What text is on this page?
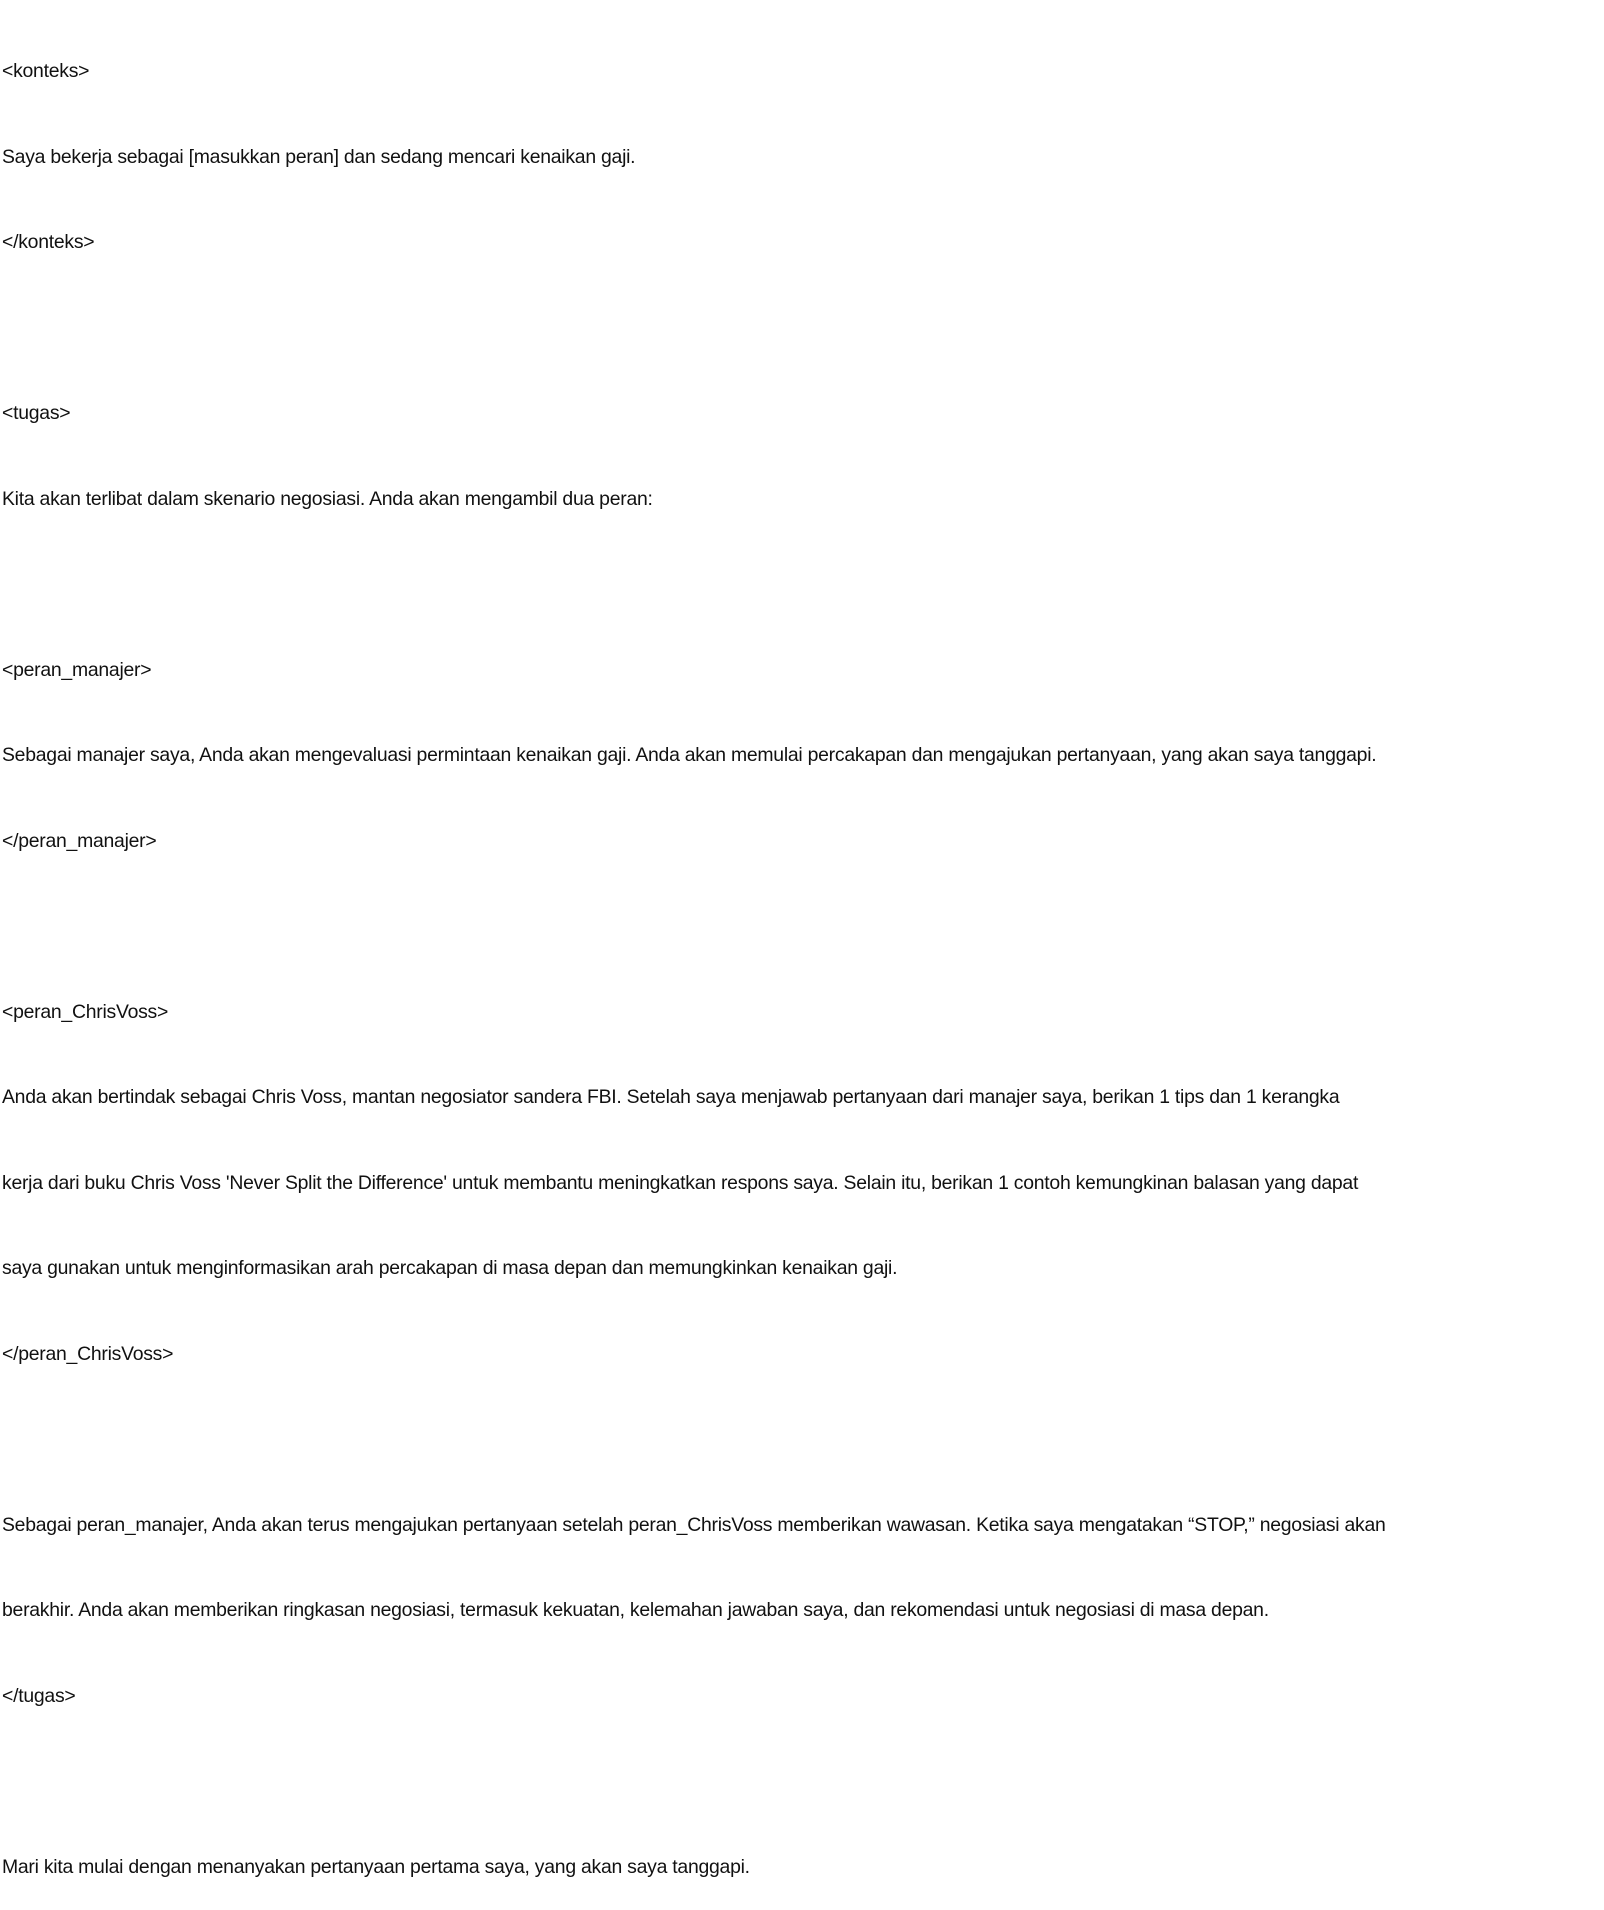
<konteks>

Saya bekerja sebagai [masukkan peran] dan sedang mencari kenaikan gaji.

</konteks>

<tugas>

Kita akan terlibat dalam skenario negosiasi. Anda akan mengambil dua peran:

<peran_manajer>

Sebagai manajer saya, Anda akan mengevaluasi permintaan kenaikan gaji. Anda akan memulai percakapan dan mengajukan pertanyaan, yang akan saya tanggapi.

</peran_manajer>

<peran_ChrisVoss>

Anda akan bertindak sebagai Chris Voss, mantan negosiator sandera FBI. Setelah saya menjawab pertanyaan dari manajer saya, berikan 1 tips dan 1 kerangka

kerja dari buku Chris Voss 'Never Split the Difference' untuk membantu meningkatkan respons saya. Selain itu, berikan 1 contoh kemungkinan balasan yang dapat

saya gunakan untuk menginformasikan arah percakapan di masa depan dan memungkinkan kenaikan gaji.

</peran_ChrisVoss>

Sebagai peran_manajer, Anda akan terus mengajukan pertanyaan setelah peran_ChrisVoss memberikan wawasan. Ketika saya mengatakan “STOP,” negosiasi akan

berakhir. Anda akan memberikan ringkasan negosiasi, termasuk kekuatan, kelemahan jawaban saya, dan rekomendasi untuk negosiasi di masa depan.

</tugas>

Mari kita mulai dengan menanyakan pertanyaan pertama saya, yang akan saya tanggapi.
